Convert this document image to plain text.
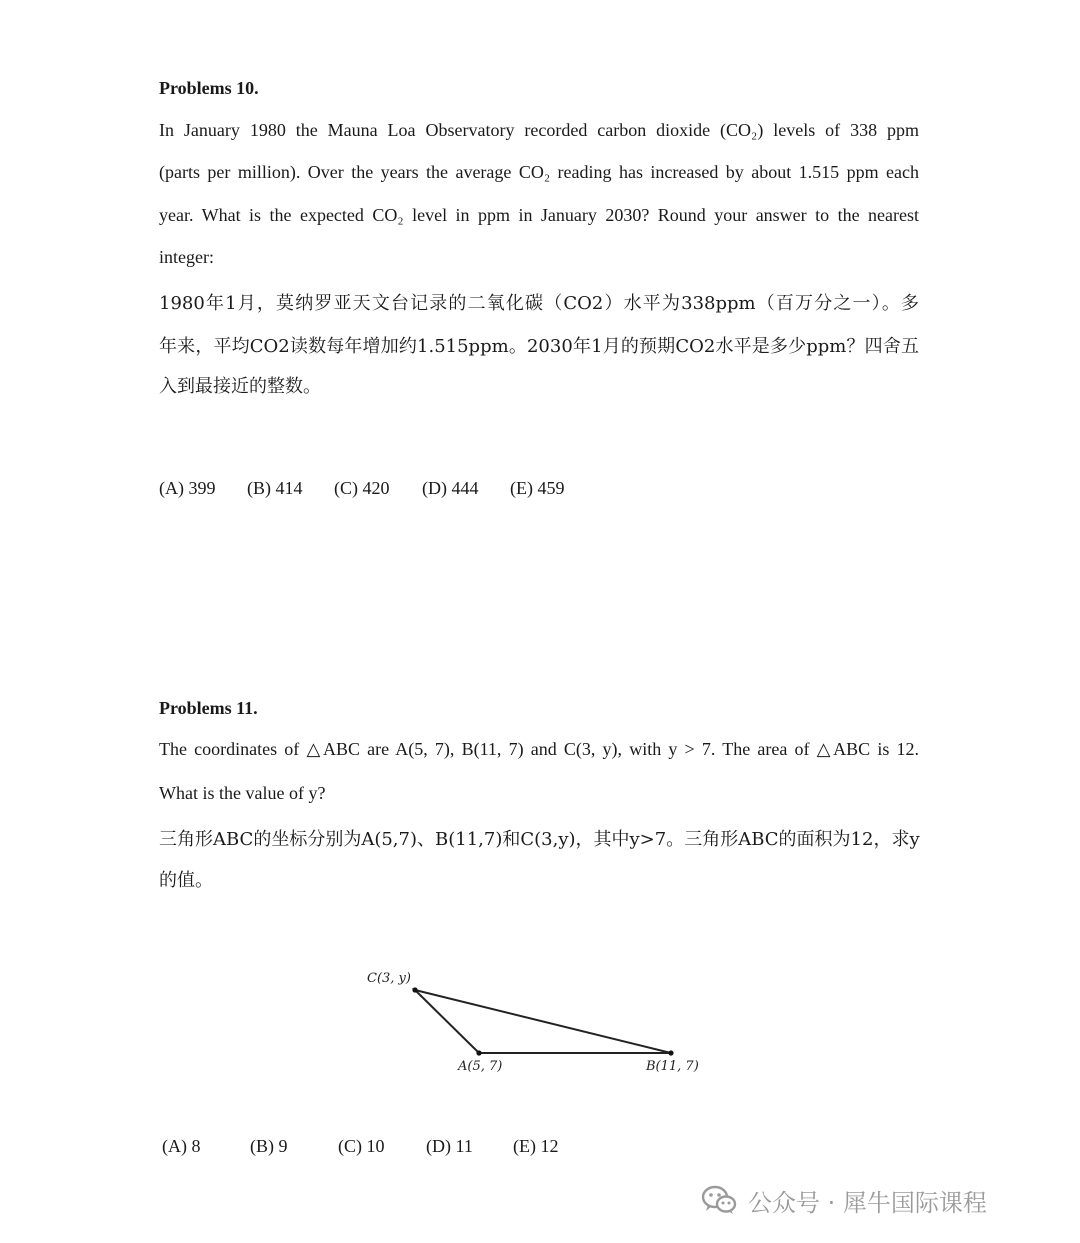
Problems 10.
In January 1980 the Mauna Loa Observatory recorded carbon dioxide (CO₂) levels of 338 ppm
(parts per million). Over the years the average CO₂ reading has increased by about 1.515 ppm each
year. What is the expected CO₂ level in ppm in January 2030? Round your answer to the nearest
integer:
1980年1月，莫纳罗亚天文台记录的二氧化碳（CO2）水平为338ppm（百万分之一）。多
年来，平均CO2读数每年增加约1.515ppm。2030年1月的预期CO2水平是多少ppm？四舍五
入到最接近的整数。
(A) 399 (B) 414 (C) 420 (D) 444 (E) 459
Problems 11.
The coordinates of △ABC are A(5, 7), B(11, 7) and C(3, y), with y > 7. The area of △ABC is 12.
What is the value of y?
三角形ABC的坐标分别为A(5,7)、B(11,7)和C(3,y)，其中y>7。三角形ABC的面积为12，求y
的值。
C(3, y)
A(5, 7)	B(11, 7)
(A) 8	(B) 9	(C) 10 (D) 11 (E) 12
公众号 · 犀牛国际课程
